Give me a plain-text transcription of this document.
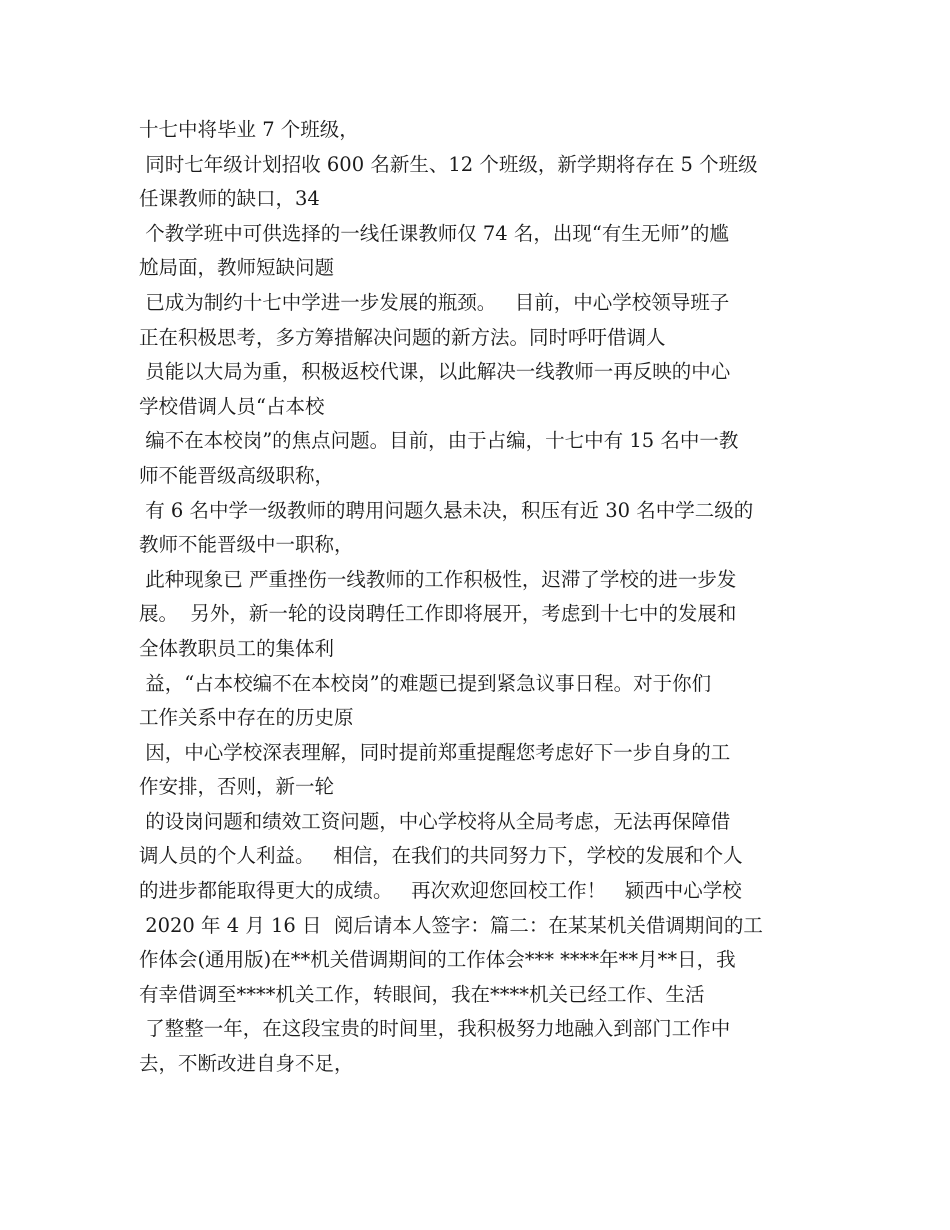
十七中将毕业 7 个班级，
同时七年级计划招收 600 名新生、12 个班级，新学期将存在 5 个班级
任课教师的缺口，34
个教学班中可供选择的一线任课教师仅 74 名，出现“有生无师”的尴
尬局面，教师短缺问题
已成为制约十七中学进一步发展的瓶颈。   目前，中心学校领导班子
正在积极思考，多方筹措解决问题的新方法。同时呼吁借调人
员能以大局为重，积极返校代课，以此解决一线教师一再反映的中心
学校借调人员“占本校
编不在本校岗”的焦点问题。目前，由于占编，十七中有 15 名中一教
师不能晋级高级职称，
有 6 名中学一级教师的聘用问题久悬未决，积压有近 30 名中学二级的
教师不能晋级中一职称，
此种现象已 严重挫伤一线教师的工作积极性，迟滞了学校的进一步发
展。  另外，新一轮的设岗聘任工作即将展开，考虑到十七中的发展和
全体教职员工的集体利
益，“占本校编不在本校岗”的难题已提到紧急议事日程。对于你们
工作关系中存在的历史原
因，中心学校深表理解，同时提前郑重提醒您考虑好下一步自身的工
作安排，否则，新一轮
的设岗问题和绩效工资问题，中心学校将从全局考虑，无法再保障借
调人员的个人利益。   相信，在我们的共同努力下，学校的发展和个人
的进步都能取得更大的成绩。   再次欢迎您回校工作！   颍西中心学校
2020 年 4 月 16 日  阅后请本人签字：篇二：在某某机关借调期间的工
作体会(通用版)在**机关借调期间的工作体会*** ****年**月**日，我
有幸借调至****机关工作，转眼间，我在****机关已经工作、生活
了整整一年，在这段宝贵的时间里，我积极努力地融入到部门工作中
去，不断改进自身不足，
